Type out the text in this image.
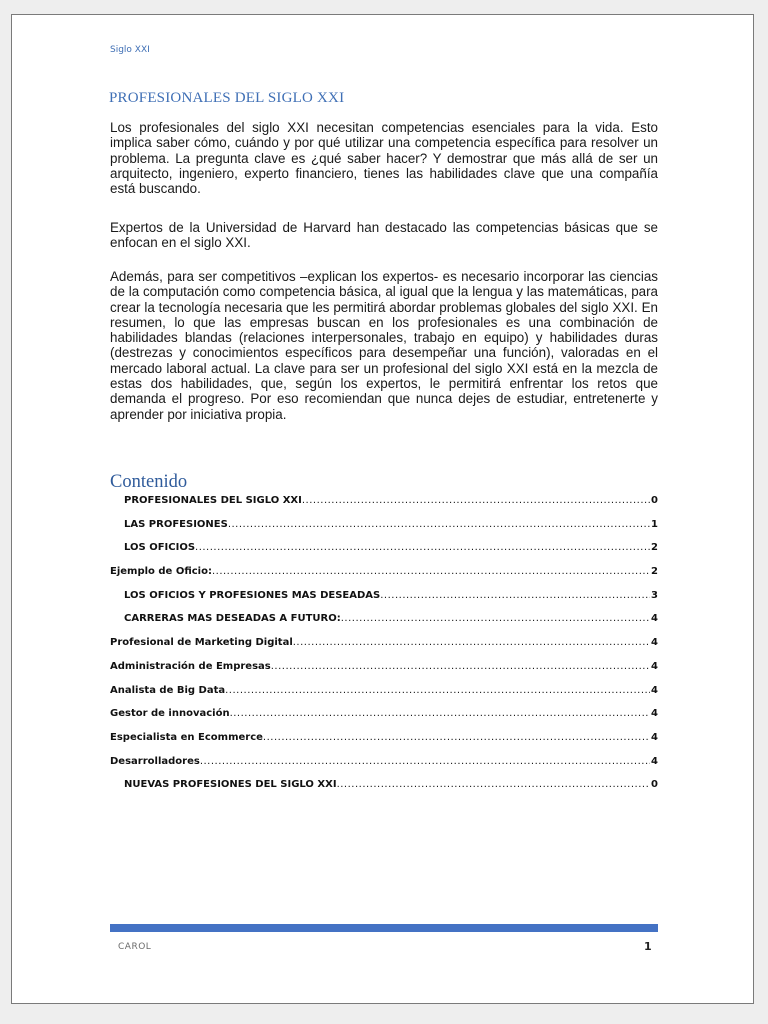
Siglo XXI
PROFESIONALES DEL SIGLO XXI

Los profesionales del siglo XXI necesitan competencias esenciales para la vida. Esto implica saber cómo, cuándo y por qué utilizar una competencia específica para resolver un problema. La pregunta clave es ¿qué saber hacer? Y demostrar que más allá de ser un arquitecto, ingeniero, experto financiero, tienes las habilidades clave que una compañía está buscando.

Expertos de la Universidad de Harvard han destacado las competencias básicas que se enfocan en el siglo XXI.

Además, para ser competitivos –explican los expertos- es necesario incorporar las ciencias de la computación como competencia básica, al igual que la lengua y las matemáticas, para crear la tecnología necesaria que les permitirá abordar problemas globales del siglo XXI. En resumen, lo que las empresas buscan en los profesionales es una combinación de habilidades blandas (relaciones interpersonales, trabajo en equipo) y habilidades duras (destrezas y conocimientos específicos para desempeñar una función), valoradas en el mercado laboral actual. La clave para ser un profesional del siglo XXI está en la mezcla de estas dos habilidades, que, según los expertos, le permitirá enfrentar los retos que demanda el progreso. Por eso recomiendan que nunca dejes de estudiar, entretenerte y aprender por iniciativa propia.

Contenido
PROFESIONALES DEL SIGLO XXI .....	0
LAS PROFESIONES .....	1
LOS OFICIOS .....	2
Ejemplo de Oficio: .....	2
LOS OFICIOS Y PROFESIONES MÁS DESEADAS .....	3
CARRERAS MÁS DESEADAS A FUTURO: .....	4
Profesional de Marketing Digital .....	4
Administración de Empresas .....	4
Analista de Big Data .....	4
Gestor de innovación .....	4
Especialista en Ecommerce .....	4
Desarrolladores .....	4
NUEVAS PROFESIONES DEL SIGLO XXI .....	0
CAROL	1
